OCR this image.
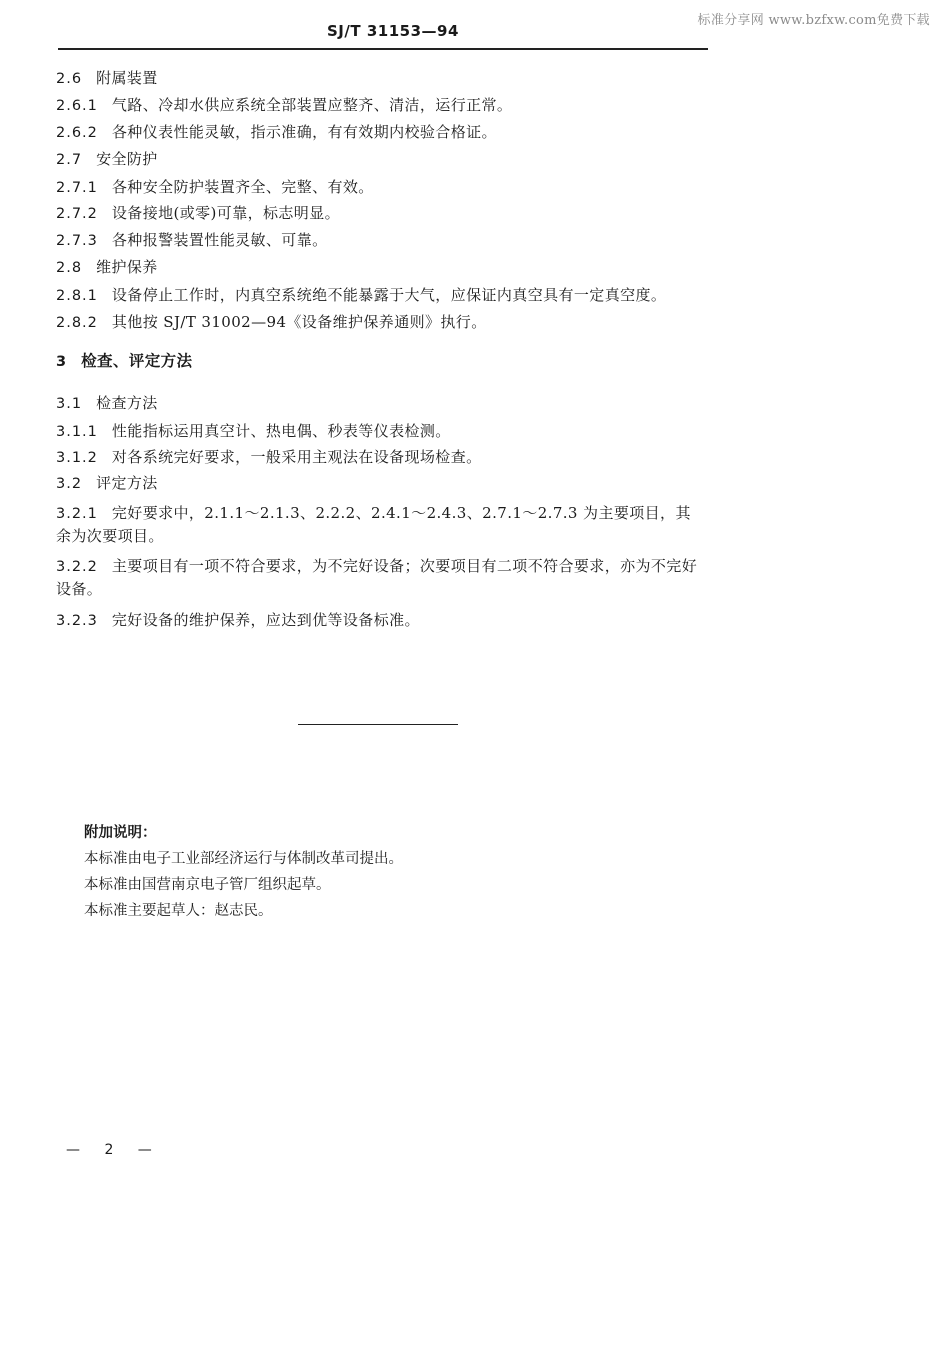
标准分享网 www.bzfxw.com免费下载
SJ/T 31153—94
2.6 附属装置
2.6.1 气路、冷却水供应系统全部装置应整齐、清洁，运行正常。
2.6.2 各种仪表性能灵敏，指示准确，有有效期内校验合格证。
2.7 安全防护
2.7.1 各种安全防护装置齐全、完整、有效。
2.7.2 设备接地(或零)可靠，标志明显。
2.7.3 各种报警装置性能灵敏、可靠。
2.8 维护保养
2.8.1 设备停止工作时，内真空系统绝不能暴露于大气，应保证内真空具有一定真空度。
2.8.2 其他按 SJ/T 31002—94《设备维护保养通则》执行。
3 检查、评定方法
3.1 检查方法
3.1.1 性能指标运用真空计、热电偶、秒表等仪表检测。
3.1.2 对各系统完好要求，一般采用主观法在设备现场检查。
3.2 评定方法
3.2.1 完好要求中，2.1.1～2.1.3、2.2.2、2.4.1～2.4.3、2.7.1～2.7.3 为主要项目，其余为次要项目。
3.2.2 主要项目有一项不符合要求，为不完好设备；次要项目有二项不符合要求，亦为不完好设备。
3.2.3 完好设备的维护保养，应达到优等设备标准。
附加说明：
本标准由电子工业部经济运行与体制改革司提出。
本标准由国营南京电子管厂组织起草。
本标准主要起草人：赵志民。
— 2 —
